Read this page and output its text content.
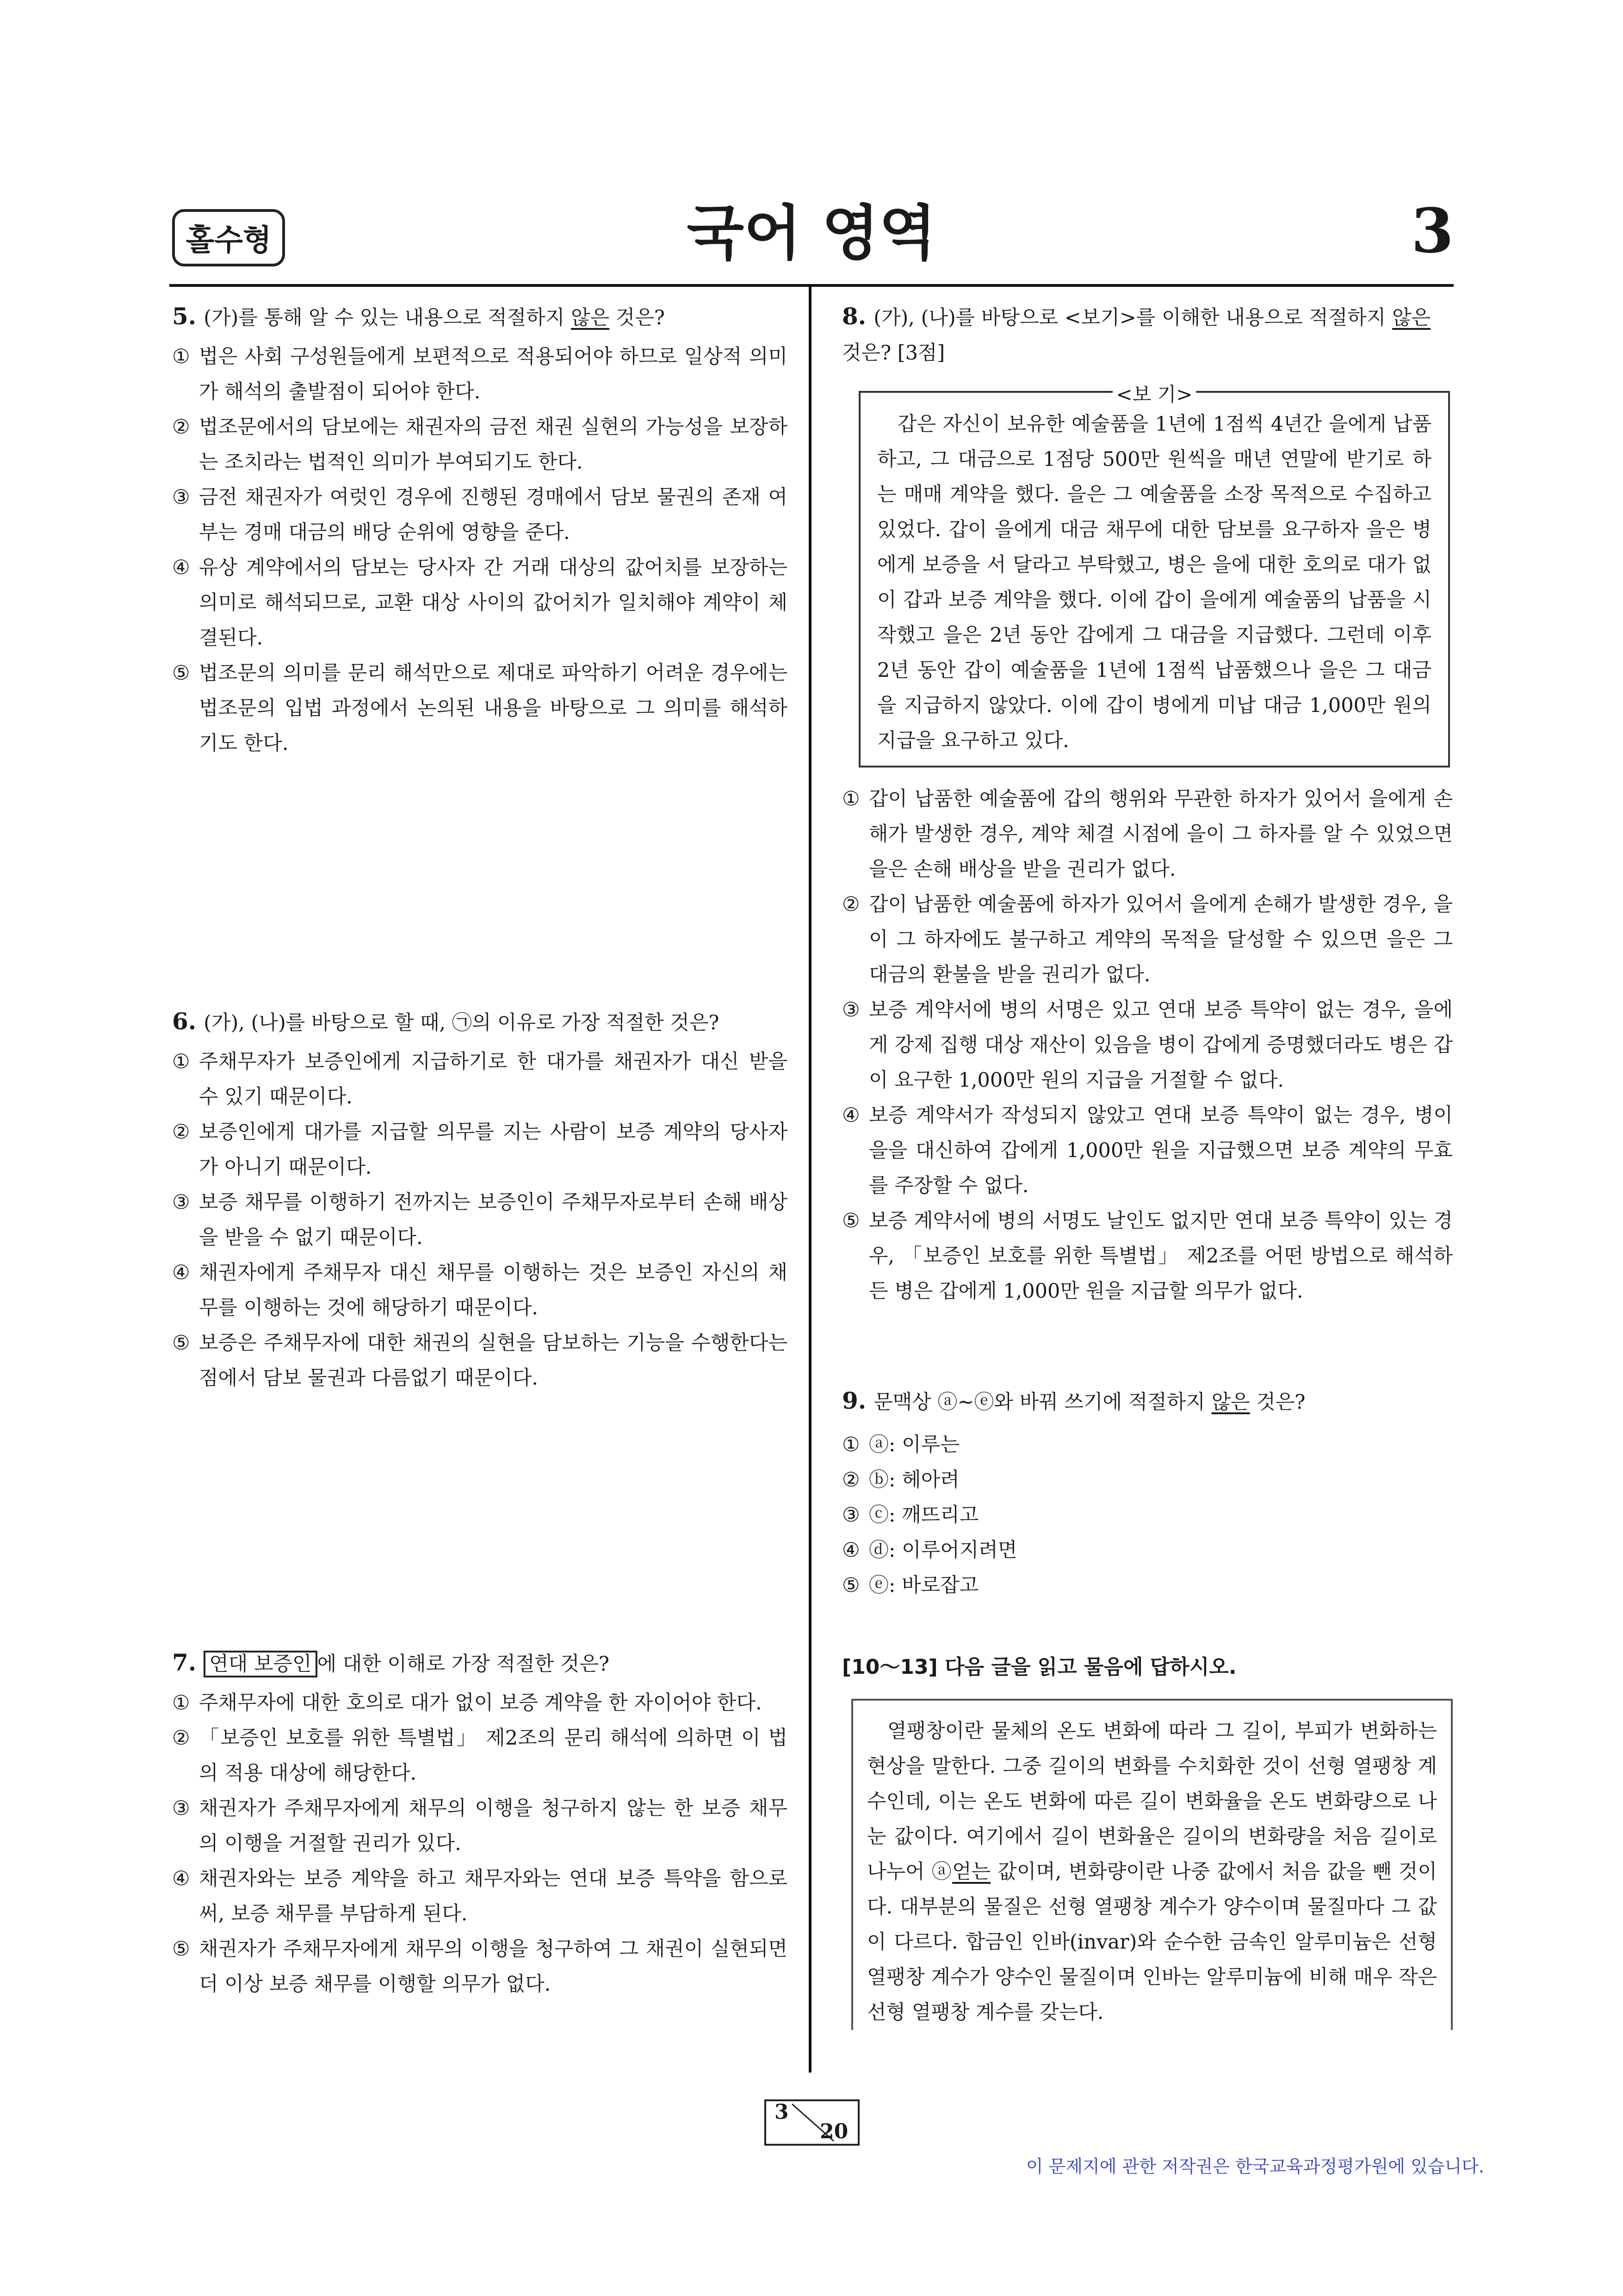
홀수형	국어 영역	3
5. (가)를 통해 알 수 있는 내용으로 적절하지 않은 것은?
① 법은 사회 구성원들에게 보편적으로 적용되어야 하므로 일상적 의미가 해석의 출발점이 되어야 한다.
② 법조문에서의 담보에는 채권자의 금전 채권 실현의 가능성을 보장하는 조치라는 법적인 의미가 부여되기도 한다.
③ 금전 채권자가 여럿인 경우에 진행된 경매에서 담보 물권의 존재 여부는 경매 대금의 배당 순위에 영향을 준다.
④ 유상 계약에서의 담보는 당사자 간 거래 대상의 값어치를 보장하는 의미로 해석되므로, 교환 대상 사이의 값어치가 일치해야 계약이 체결된다.
⑤ 법조문의 의미를 문리 해석만으로 제대로 파악하기 어려운 경우에는 법조문의 입법 과정에서 논의된 내용을 바탕으로 그 의미를 해석하기도 한다.
6. (가), (나)를 바탕으로 할 때, ㉠의 이유로 가장 적절한 것은?
① 주채무자가 보증인에게 지급하기로 한 대가를 채권자가 대신 받을 수 있기 때문이다.
② 보증인에게 대가를 지급할 의무를 지는 사람이 보증 계약의 당사자가 아니기 때문이다.
③ 보증 채무를 이행하기 전까지는 보증인이 주채무자로부터 손해 배상을 받을 수 없기 때문이다.
④ 채권자에게 주채무자 대신 채무를 이행하는 것은 보증인 자신의 채무를 이행하는 것에 해당하기 때문이다.
⑤ 보증은 주채무자에 대한 채권의 실현을 담보하는 기능을 수행한다는 점에서 담보 물권과 다름없기 때문이다.
7. 연대 보증인 에 대한 이해로 가장 적절한 것은?
① 주채무자에 대한 호의로 대가 없이 보증 계약을 한 자이어야 한다.
② 「보증인 보호를 위한 특별법」 제2조의 문리 해석에 의하면 이 법의 적용 대상에 해당한다.
③ 채권자가 주채무자에게 채무의 이행을 청구하지 않는 한 보증 채무의 이행을 거절할 권리가 있다.
④ 채권자와는 보증 계약을 하고 채무자와는 연대 보증 특약을 함으로써, 보증 채무를 부담하게 된다.
⑤ 채권자가 주채무자에게 채무의 이행을 청구하여 그 채권이 실현되면 더 이상 보증 채무를 이행할 의무가 없다.
8. (가), (나)를 바탕으로 <보기>를 이해한 내용으로 적절하지 않은 것은? [3점]
<보 기>
갑은 자신이 보유한 예술품을 1년에 1점씩 4년간 을에게 납품하고, 그 대금으로 1점당 500만 원씩을 매년 연말에 받기로 하는 매매 계약을 했다. 을은 그 예술품을 소장 목적으로 수집하고 있었다. 갑이 을에게 대금 채무에 대한 담보를 요구하자 을은 병에게 보증을 서 달라고 부탁했고, 병은 을에 대한 호의로 대가 없이 갑과 보증 계약을 했다. 이에 갑이 을에게 예술품의 납품을 시작했고 을은 2년 동안 갑에게 그 대금을 지급했다. 그런데 이후 2년 동안 갑이 예술품을 1년에 1점씩 납품했으나 을은 그 대금을 지급하지 않았다. 이에 갑이 병에게 미납 대금 1,000만 원의 지급을 요구하고 있다.
① 갑이 납품한 예술품에 갑의 행위와 무관한 하자가 있어서 을에게 손해가 발생한 경우, 계약 체결 시점에 을이 그 하자를 알 수 있었으면 을은 손해 배상을 받을 권리가 없다.
② 갑이 납품한 예술품에 하자가 있어서 을에게 손해가 발생한 경우, 을이 그 하자에도 불구하고 계약의 목적을 달성할 수 있으면 을은 그 대금의 환불을 받을 권리가 없다.
③ 보증 계약서에 병의 서명은 있고 연대 보증 특약이 없는 경우, 을에게 강제 집행 대상 재산이 있음을 병이 갑에게 증명했더라도 병은 갑이 요구한 1,000만 원의 지급을 거절할 수 없다.
④ 보증 계약서가 작성되지 않았고 연대 보증 특약이 없는 경우, 병이 을을 대신하여 갑에게 1,000만 원을 지급했으면 보증 계약의 무효를 주장할 수 없다.
⑤ 보증 계약서에 병의 서명도 날인도 없지만 연대 보증 특약이 있는 경우, 「보증인 보호를 위한 특별법」 제2조를 어떤 방법으로 해석하든 병은 갑에게 1,000만 원을 지급할 의무가 없다.
9. 문맥상 ⓐ~ⓔ와 바꿔 쓰기에 적절하지 않은 것은?
① ⓐ: 이루는
② ⓑ: 헤아려
③ ⓒ: 깨뜨리고
④ ⓓ: 이루어지려면
⑤ ⓔ: 바로잡고
[10～13] 다음 글을 읽고 물음에 답하시오.
열팽창이란 물체의 온도 변화에 따라 그 길이, 부피가 변화하는 현상을 말한다. 그중 길이의 변화를 수치화한 것이 선형 열팽창 계수인데, 이는 온도 변화에 따른 길이 변화율을 온도 변화량으로 나눈 값이다. 여기에서 길이 변화율은 길이의 변화량을 처음 길이로 나누어 ⓐ얻는 값이며, 변화량이란 나중 값에서 처음 값을 뺀 것이다. 대부분의 물질은 선형 열팽창 계수가 양수이며 물질마다 그 값이 다르다. 합금인 인바(invar)와 순수한 금속인 알루미늄은 선형 열팽창 계수가 양수인 물질이며 인바는 알루미늄에 비해 매우 작은 선형 열팽창 계수를 갖는다.
3
20
이 문제지에 관한 저작권은 한국교육과정평가원에 있습니다.
